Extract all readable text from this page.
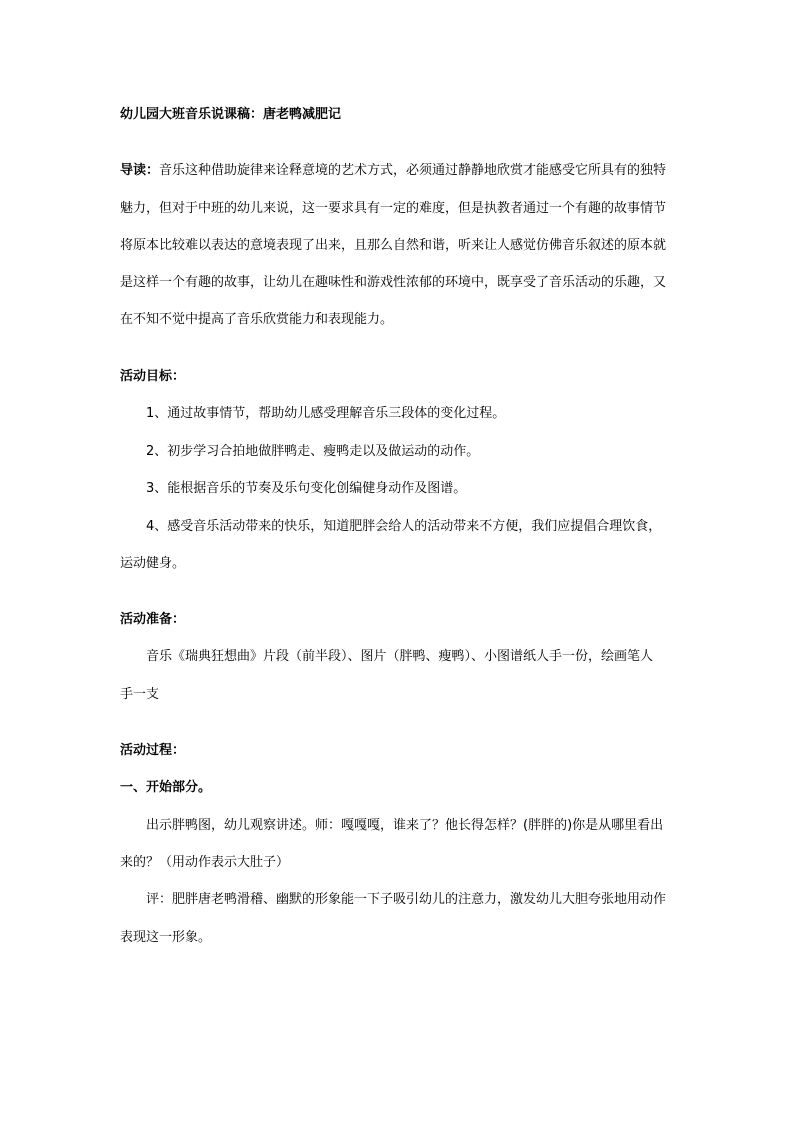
幼儿园大班音乐说课稿：唐老鸭减肥记
导读：音乐这种借助旋律来诠释意境的艺术方式，必须通过静静地欣赏才能感受它所具有的独特
魅力，但对于中班的幼儿来说，这一要求具有一定的难度，但是执教者通过一个有趣的故事情节
将原本比较难以表达的意境表现了出来，且那么自然和谐，听来让人感觉仿佛音乐叙述的原本就
是这样一个有趣的故事，让幼儿在趣味性和游戏性浓郁的环境中，既享受了音乐活动的乐趣，又
在不知不觉中提高了音乐欣赏能力和表现能力。
活动目标：
1、通过故事情节，帮助幼儿感受理解音乐三段体的变化过程。
2、初步学习合拍地做胖鸭走、瘦鸭走以及做运动的动作。
3、能根据音乐的节奏及乐句变化创编健身动作及图谱。
4、感受音乐活动带来的快乐，知道肥胖会给人的活动带来不方便，我们应提倡合理饮食，
运动健身。
活动准备：
音乐《瑞典狂想曲》片段（前半段）、图片（胖鸭、瘦鸭）、小图谱纸人手一份，绘画笔人
手一支
活动过程：
一、开始部分。
出示胖鸭图，幼儿观察讲述。师：嘎嘎嘎，谁来了？他长得怎样？(胖胖的)你是从哪里看出
来的？（用动作表示大肚子）
评：肥胖唐老鸭滑稽、幽默的形象能一下子吸引幼儿的注意力，激发幼儿大胆夸张地用动作
表现这一形象。
